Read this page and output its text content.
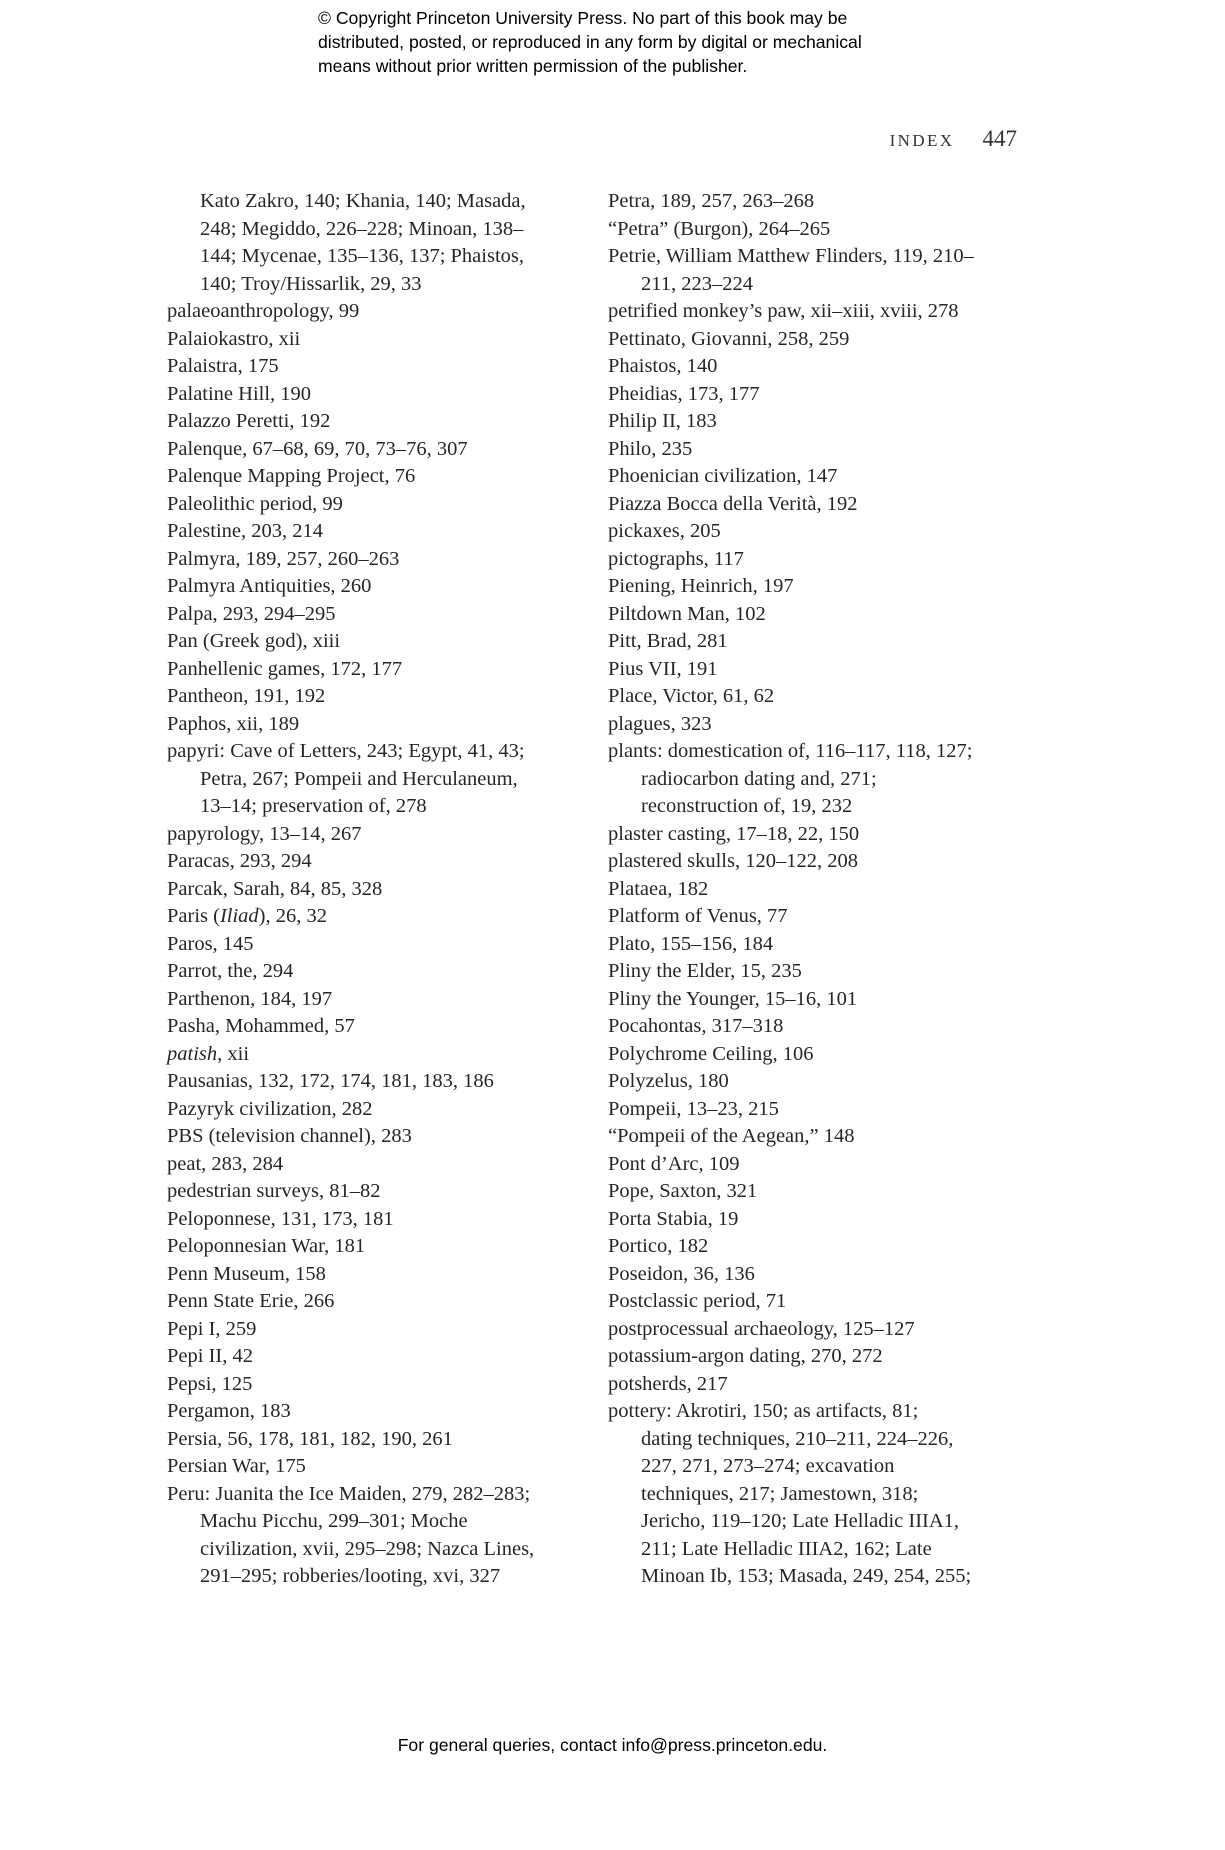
© Copyright Princeton University Press. No part of this book may be
distributed, posted, or reproduced in any form by digital or mechanical
means without prior written permission of the publisher.
INDEX 447
Kato Zakro, 140; Khania, 140; Masada,
248; Megiddo, 226–228; Minoan, 138–
144; Mycenae, 135–136, 137; Phaistos,
140; Troy/Hissarlik, 29, 33
palaeoanthropology, 99
Palaiokastro, xii
Palaistra, 175
Palatine Hill, 190
Palazzo Peretti, 192
Palenque, 67–68, 69, 70, 73–76, 307
Palenque Mapping Project, 76
Paleolithic period, 99
Palestine, 203, 214
Palmyra, 189, 257, 260–263
Palmyra Antiquities, 260
Palpa, 293, 294–295
Pan (Greek god), xiii
Panhellenic games, 172, 177
Pantheon, 191, 192
Paphos, xii, 189
papyri: Cave of Letters, 243; Egypt, 41, 43;
Petra, 267; Pompeii and Herculaneum,
13–14; preservation of, 278
papyrology, 13–14, 267
Paracas, 293, 294
Parcak, Sarah, 84, 85, 328
Paris (Iliad), 26, 32
Paros, 145
Parrot, the, 294
Parthenon, 184, 197
Pasha, Mohammed, 57
patish, xii
Pausanias, 132, 172, 174, 181, 183, 186
Pazyryk civilization, 282
PBS (television channel), 283
peat, 283, 284
pedestrian surveys, 81–82
Peloponnese, 131, 173, 181
Peloponnesian War, 181
Penn Museum, 158
Penn State Erie, 266
Pepi I, 259
Pepi II, 42
Pepsi, 125
Pergamon, 183
Persia, 56, 178, 181, 182, 190, 261
Persian War, 175
Peru: Juanita the Ice Maiden, 279, 282–283;
Machu Picchu, 299–301; Moche
civilization, xvii, 295–298; Nazca Lines,
291–295; robberies/looting, xvi, 327
Petra, 189, 257, 263–268
“Petra” (Burgon), 264–265
Petrie, William Matthew Flinders, 119, 210–
211, 223–224
petrified monkey’s paw, xii–xiii, xviii, 278
Pettinato, Giovanni, 258, 259
Phaistos, 140
Pheidias, 173, 177
Philip II, 183
Philo, 235
Phoenician civilization, 147
Piazza Bocca della Verità, 192
pickaxes, 205
pictographs, 117
Piening, Heinrich, 197
Piltdown Man, 102
Pitt, Brad, 281
Pius VII, 191
Place, Victor, 61, 62
plagues, 323
plants: domestication of, 116–117, 118, 127;
radiocarbon dating and, 271;
reconstruction of, 19, 232
plaster casting, 17–18, 22, 150
plastered skulls, 120–122, 208
Plataea, 182
Platform of Venus, 77
Plato, 155–156, 184
Pliny the Elder, 15, 235
Pliny the Younger, 15–16, 101
Pocahontas, 317–318
Polychrome Ceiling, 106
Polyzelus, 180
Pompeii, 13–23, 215
“Pompeii of the Aegean,” 148
Pont d’Arc, 109
Pope, Saxton, 321
Porta Stabia, 19
Portico, 182
Poseidon, 36, 136
Postclassic period, 71
postprocessual archaeology, 125–127
potassium-argon dating, 270, 272
potsherds, 217
pottery: Akrotiri, 150; as artifacts, 81;
dating techniques, 210–211, 224–226,
227, 271, 273–274; excavation
techniques, 217; Jamestown, 318;
Jericho, 119–120; Late Helladic IIIA1,
211; Late Helladic IIIA2, 162; Late
Minoan Ib, 153; Masada, 249, 254, 255;
For general queries, contact info@press.princeton.edu.
